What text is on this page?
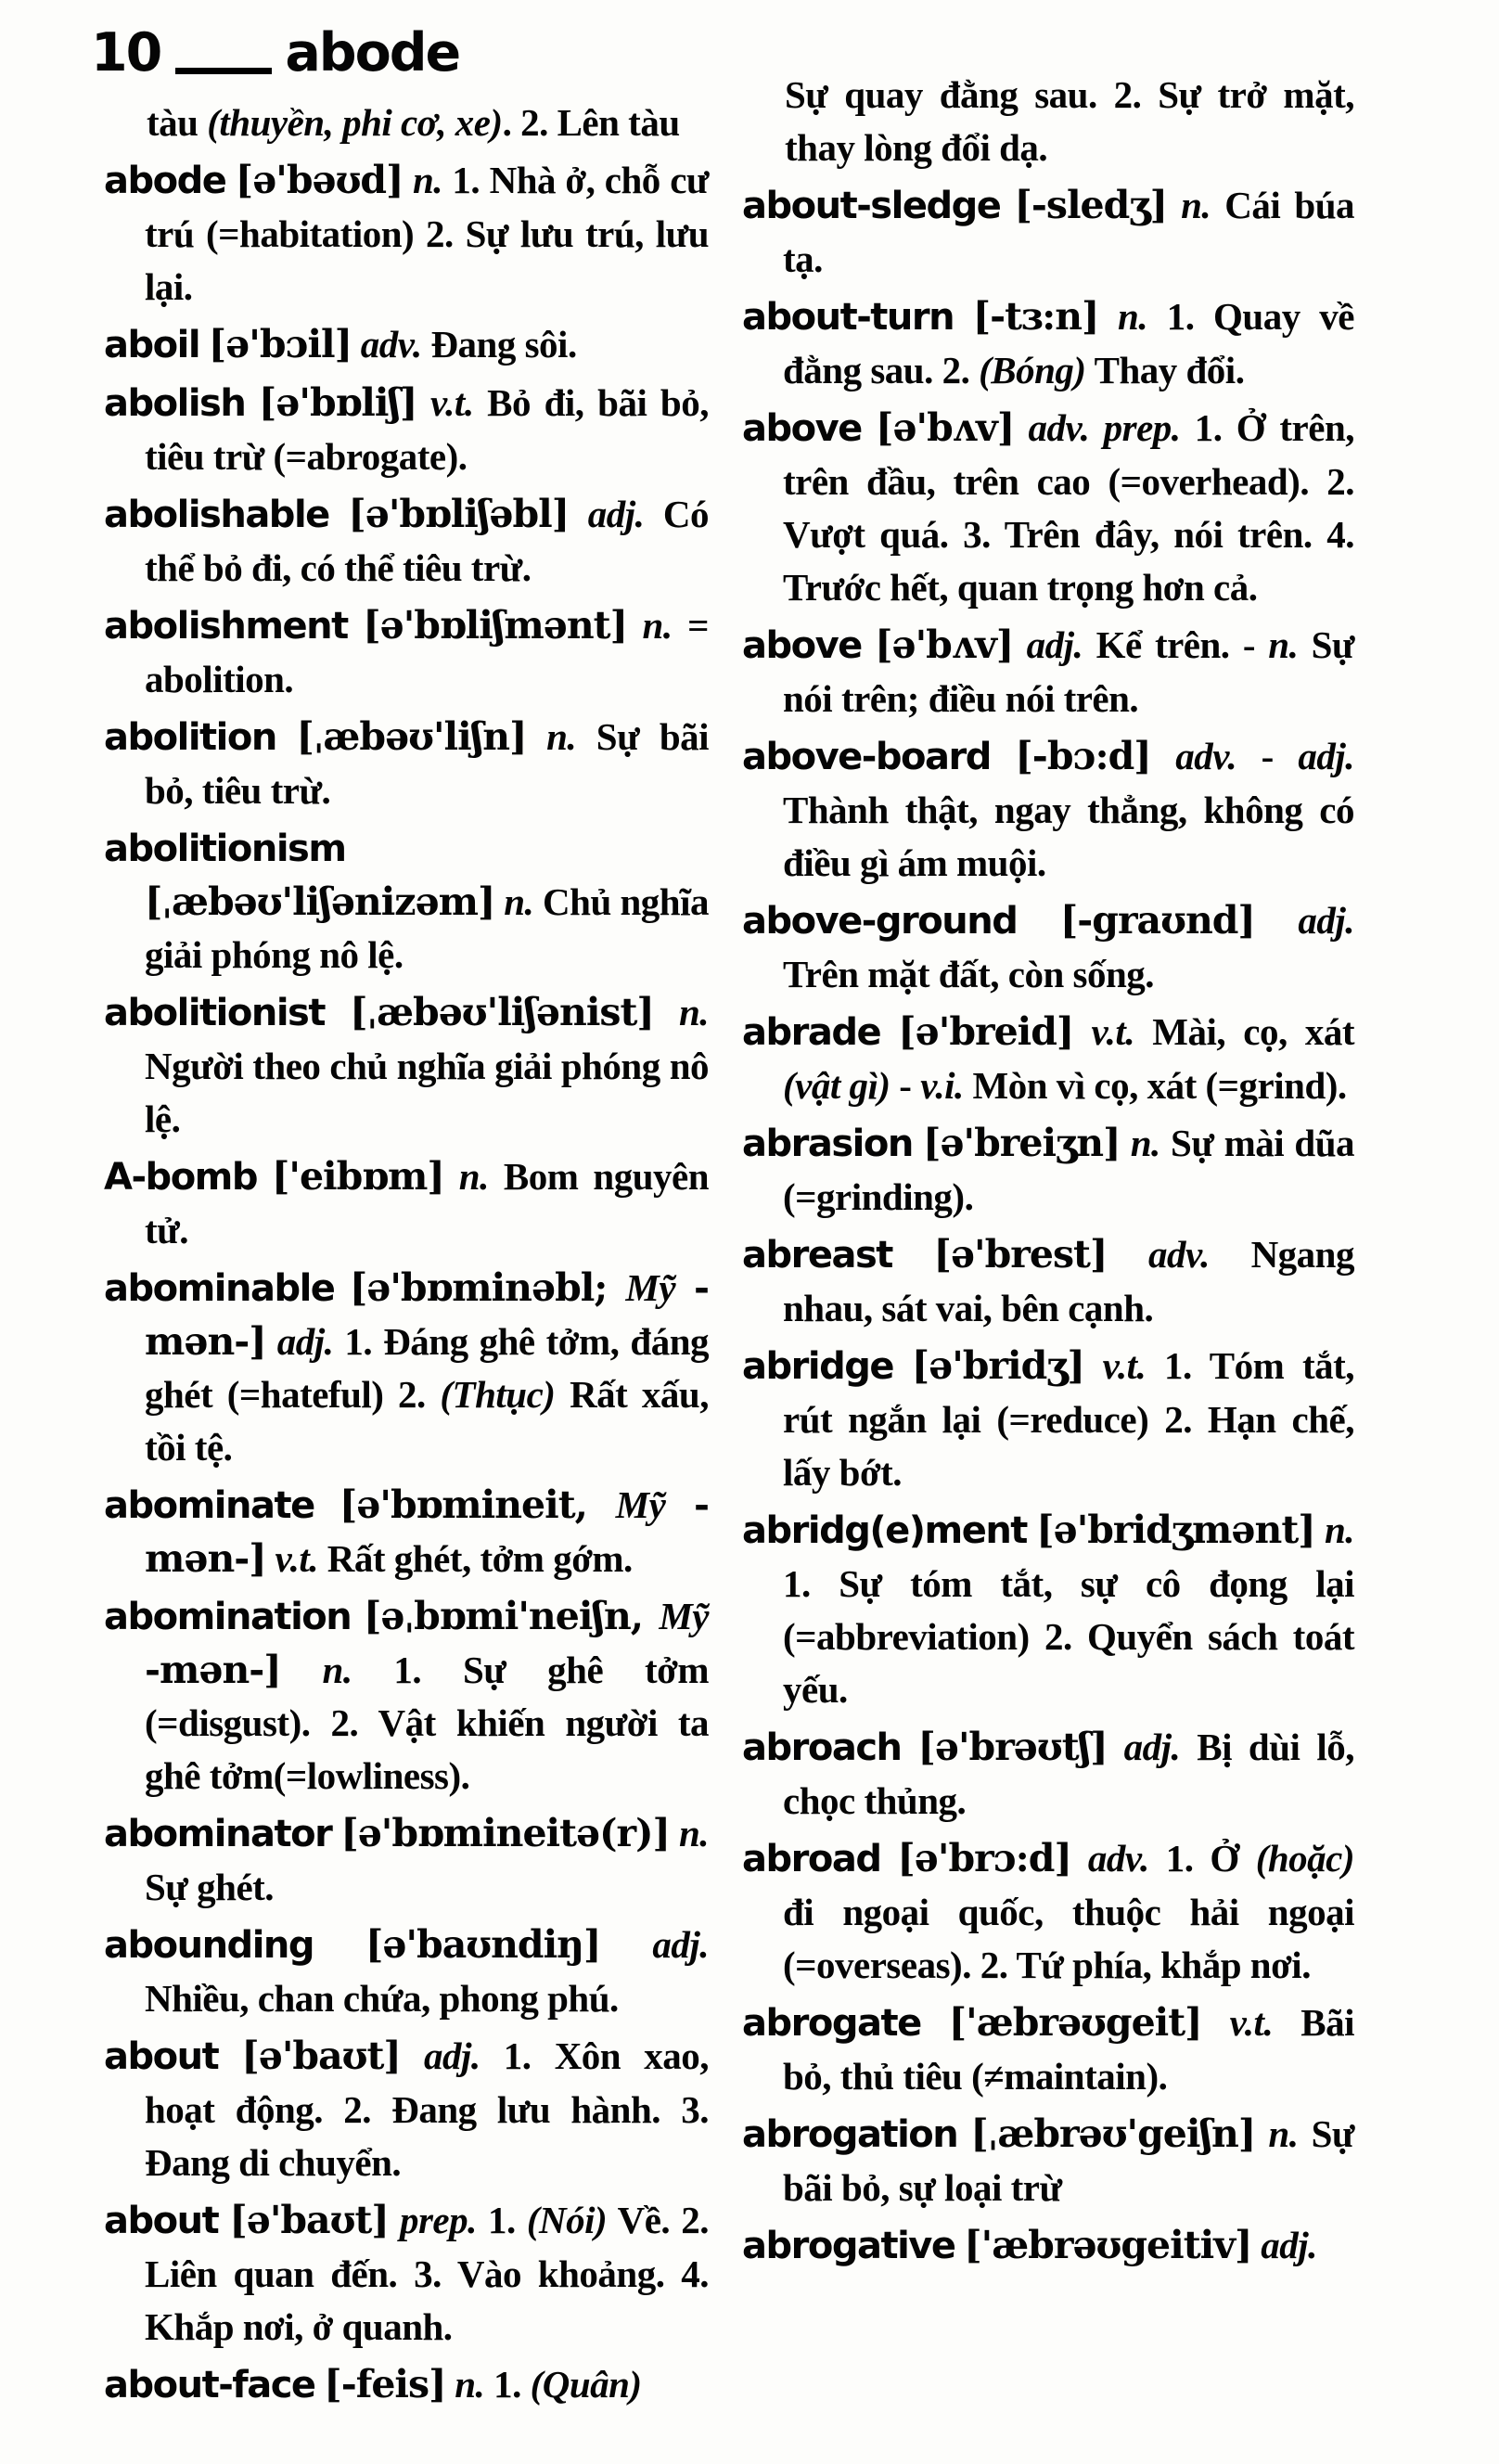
10 abode

tàu (thuyền, phi cơ, xe). 2. Lên tàu

abode [ə'bəʊd] n. 1. Nhà ở, chỗ cư trú (=habitation) 2. Sự lưu trú, lưu lại.

aboil [ə'bɔil] adv. Đang sôi.

abolish [ə'bɒliʃ] v.t. Bỏ đi, bãi bỏ, tiêu trừ (=abrogate).

abolishable [ə'bɒliʃəbl] adj. Có thể bỏ đi, có thể tiêu trừ.

abolishment [ə'bɒliʃmənt] n. = abolition.

abolition [ˌæbəʊ'liʃn] n. Sự bãi bỏ, tiêu trừ.

abolitionism
[ˌæbəʊ'liʃənizəm] n. Chủ nghĩa giải phóng nô lệ.

abolitionist [ˌæbəʊ'liʃənist] n. Người theo chủ nghĩa giải phóng nô lệ.

A-bomb ['eibɒm] n. Bom nguyên tử.

abominable [ə'bɒminəbl; Mỹ -mən-] adj. 1. Đáng ghê tởm, đáng ghét (=hateful) 2. (Thtục) Rất xấu, tồi tệ.

abominate [ə'bɒmineit, Mỹ -mən-] v.t. Rất ghét, tởm gớm.

abomination [əˌbɒmi'neiʃn, Mỹ -mən-] n. 1. Sự ghê tởm (=disgust). 2. Vật khiến người ta ghê tởm(=lowliness).

abominator [ə'bɒmineitə(r)] n. Sự ghét.

abounding [ə'baʊndiŋ] adj. Nhiều, chan chứa, phong phú.

about [ə'baʊt] adj. 1. Xôn xao, hoạt động. 2. Đang lưu hành. 3. Đang di chuyển.

about [ə'baʊt] prep. 1. (Nói) Về. 2. Liên quan đến. 3. Vào khoảng. 4. Khắp nơi, ở quanh.

about-face [-feis] n. 1. (Quân)

Sự quay đằng sau. 2. Sự trở mặt, thay lòng đổi dạ.

about-sledge [-sledʒ] n. Cái búa tạ.

about-turn [-tɜ:n] n. 1. Quay về đằng sau. 2. (Bóng) Thay đổi.

above [ə'bʌv] adv. prep. 1. Ở trên, trên đầu, trên cao (=overhead). 2. Vượt quá. 3. Trên đây, nói trên. 4. Trước hết, quan trọng hơn cả.

above [ə'bʌv] adj. Kể trên. - n. Sự nói trên; điều nói trên.

above-board [-bɔ:d] adv. - adj. Thành thật, ngay thẳng, không có điều gì ám muội.

above-ground [-graʊnd] adj. Trên mặt đất, còn sống.

abrade [ə'breid] v.t. Mài, cọ, xát (vật gì) - v.i. Mòn vì cọ, xát (=grind).

abrasion [ə'breiʒn] n. Sự mài dũa (=grinding).

abreast [ə'brest] adv. Ngang nhau, sát vai, bên cạnh.

abridge [ə'bridʒ] v.t. 1. Tóm tắt, rút ngắn lại (=reduce) 2. Hạn chế, lấy bớt.

abridg(e)ment [ə'bridʒmənt] n. 1. Sự tóm tắt, sự cô đọng lại (=abbreviation) 2. Quyển sách toát yếu.

abroach [ə'brəʊtʃ] adj. Bị dùi lỗ, chọc thủng.

abroad [ə'brɔ:d] adv. 1. Ở (hoặc) đi ngoại quốc, thuộc hải ngoại (=overseas). 2. Tứ phía, khắp nơi.

abrogate ['æbrəʊgeit] v.t. Bãi bỏ, thủ tiêu (≠maintain).

abrogation [ˌæbrəʊ'geiʃn] n. Sự bãi bỏ, sự loại trừ

abrogative ['æbrəʊgeitiv] adj.
